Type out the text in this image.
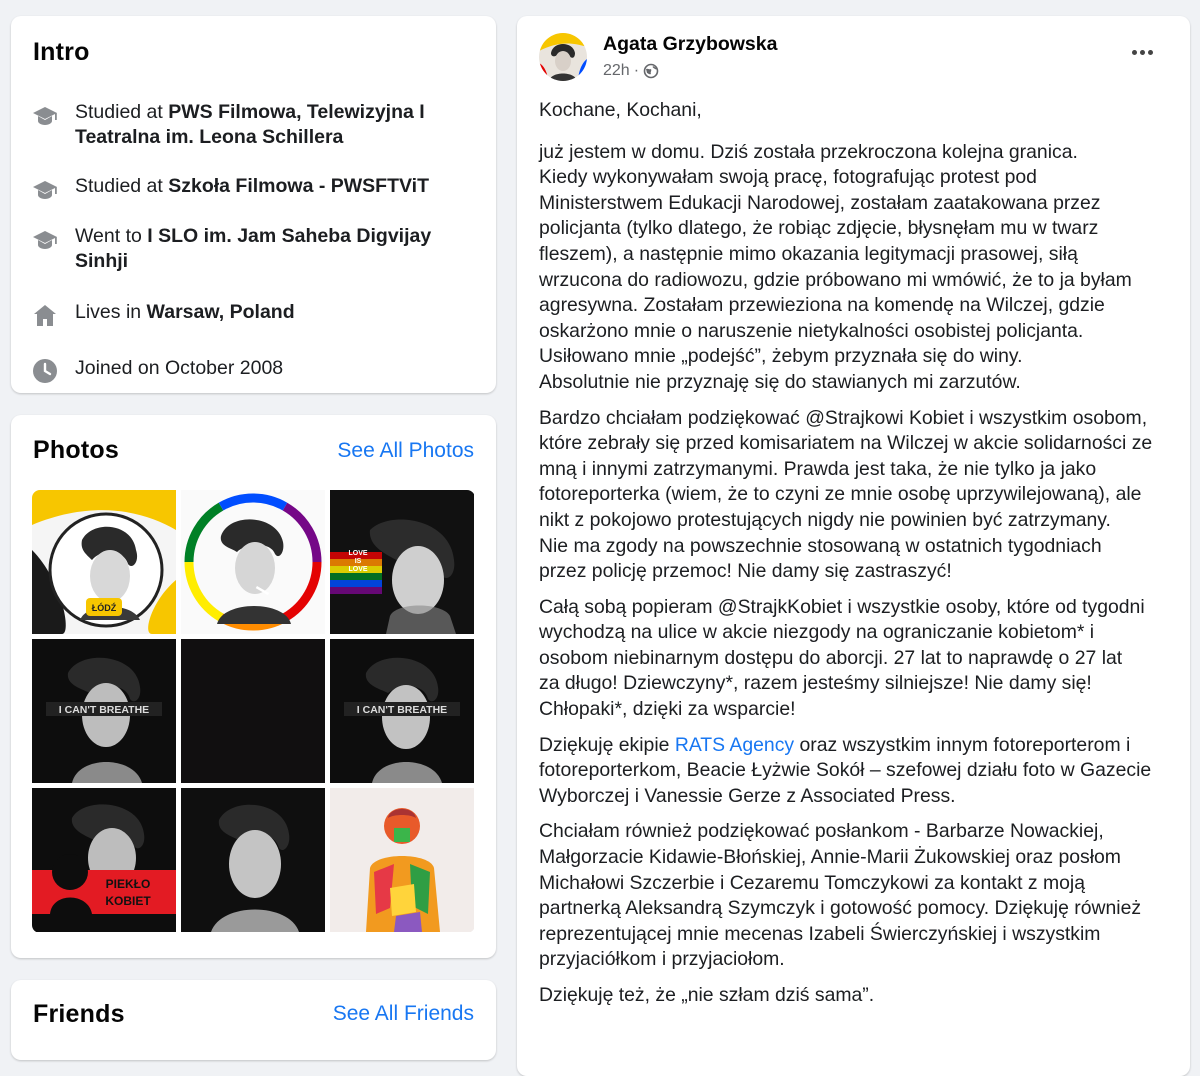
Intro
Studied at PWS Filmowa, Telewizyjna I Teatralna im. Leona Schillera
Studied at Szkoła Filmowa - PWSFTViT
Went to I SLO im. Jam Saheba Digvijay Sinhji
Lives in Warsaw, Poland
Joined on October 2008
Photos	See All Photos
ŁÓDŹ
LOVE
IS
LOVE
I CAN'T BREATHE	I CAN'T BREATHE
PIEKŁO
KOBIET
Friends	See All Friends
Agata Grzybowska
22h ·

Kochane, Kochani,

już jestem w domu. Dziś została przekroczona kolejna granica.
Kiedy wykonywałam swoją pracę, fotografując protest pod
Ministerstwem Edukacji Narodowej, zostałam zaatakowana przez
policjanta (tylko dlatego, że robiąc zdjęcie, błysnęłam mu w twarz
fleszem), a następnie mimo okazania legitymacji prasowej, siłą
wrzucona do radiowozu, gdzie próbowano mi wmówić, że to ja byłam
agresywna. Zostałam przewieziona na komendę na Wilczej, gdzie
oskarżono mnie o naruszenie nietykalności osobistej policjanta.
Usiłowano mnie „podejść”, żebym przyznała się do winy.
Absolutnie nie przyznaję się do stawianych mi zarzutów.

Bardzo chciałam podziękować @Strajkowi Kobiet i wszystkim osobom,
które zebrały się przed komisariatem na Wilczej w akcie solidarności ze
mną i innymi zatrzymanymi. Prawda jest taka, że nie tylko ja jako
fotoreporterka (wiem, że to czyni ze mnie osobę uprzywilejowaną), ale
nikt z pokojowo protestujących nigdy nie powinien być zatrzymany.
Nie ma zgody na powszechnie stosowaną w ostatnich tygodniach
przez policję przemoc! Nie damy się zastraszyć!

Całą sobą popieram @StrajkKobiet i wszystkie osoby, które od tygodni
wychodzą na ulice w akcie niezgody na ograniczanie kobietom* i
osobom niebinarnym dostępu do aborcji. 27 lat to naprawdę o 27 lat
za długo! Dziewczyny*, razem jesteśmy silniejsze! Nie damy się!
Chłopaki*, dzięki za wsparcie!

Dziękuję ekipie RATS Agency oraz wszystkim innym fotoreporterom i
fotoreporterkom, Beacie Łyżwie Sokół – szefowej działu foto w Gazecie
Wyborczej i Vanessie Gerze z Associated Press.

Chciałam również podziękować posłankom - Barbarze Nowackiej,
Małgorzacie Kidawie-Błońskiej, Annie-Marii Żukowskiej oraz posłom
Michałowi Szczerbie i Cezaremu Tomczykowi za kontakt z moją
partnerką Aleksandrą Szymczyk i gotowość pomocy. Dziękuję również
reprezentującej mnie mecenas Izabeli Świerczyńskiej i wszystkim
przyjaciółkom i przyjaciołom.

Dziękuję też, że „nie szłam dziś sama”.
